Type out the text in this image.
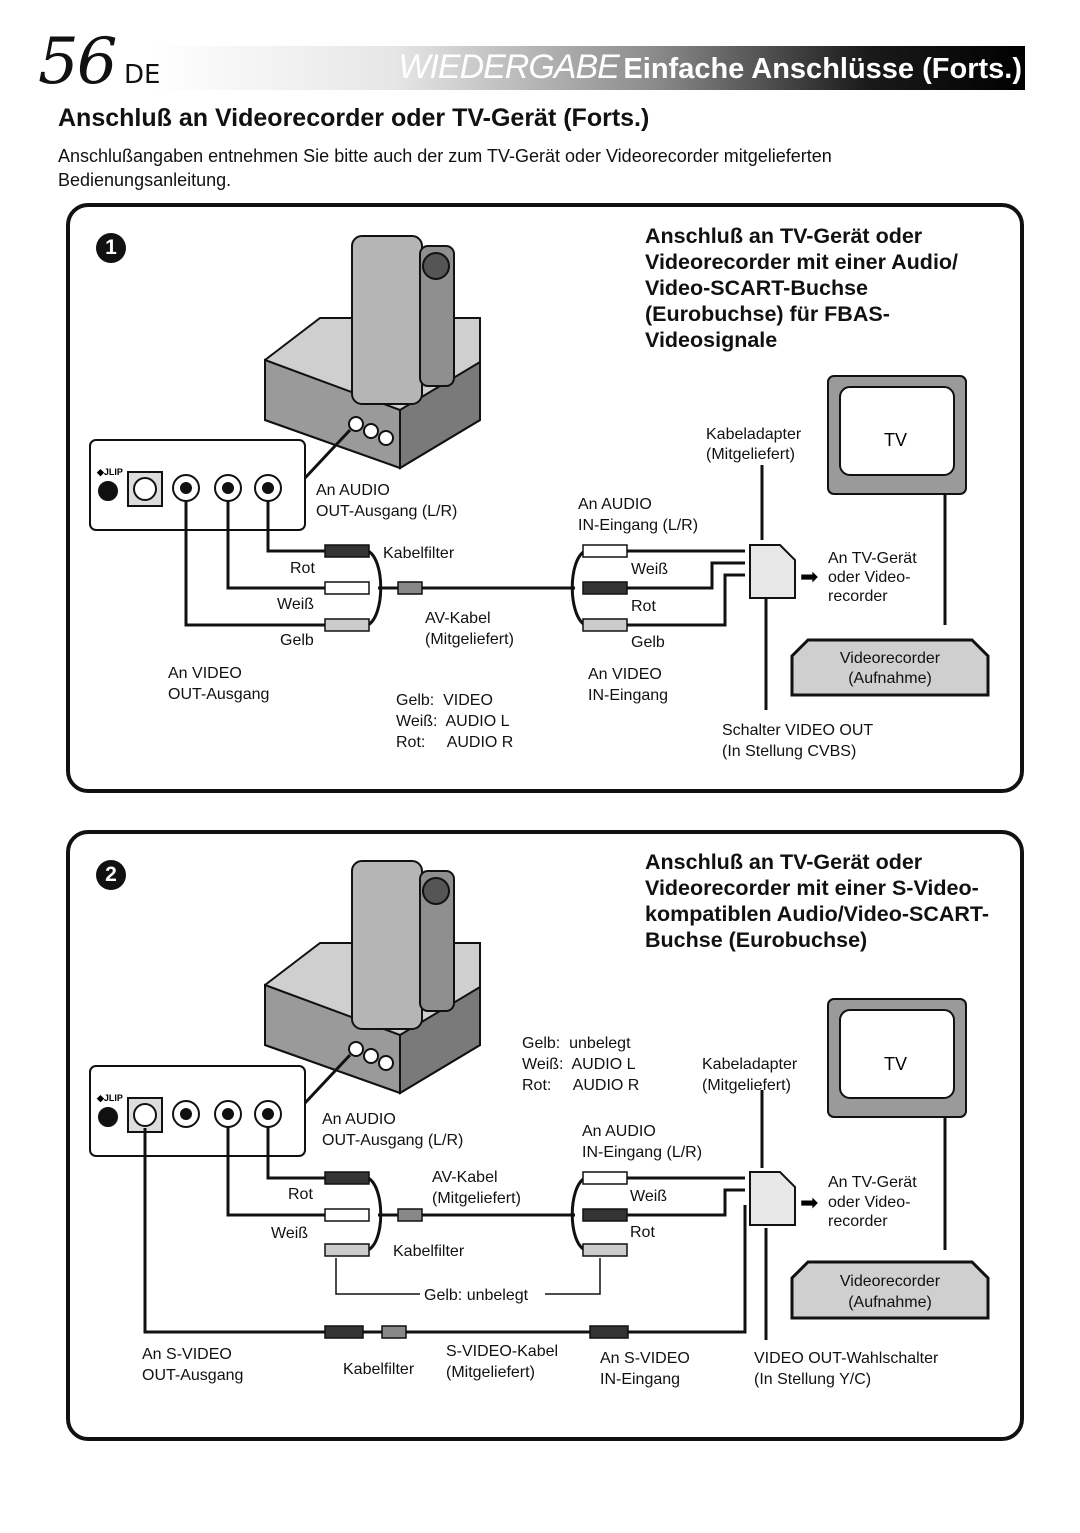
56 DE	WIEDERGABE Einfache Anschlüsse (Forts.)
Anschluß an Videorecorder oder TV-Gerät (Forts.)
Anschlußangaben entnehmen Sie bitte auch der zum TV-Gerät oder Videorecorder mitgelieferten Bedienungsanleitung.
1	Anschluß an TV-Gerät oder Videorecorder mit einer Audio/ Video-SCART-Buchse (Eurobuchse) für FBAS-Videosignale
◆JLIP
➡
TV
An AUDIO
OUT-Ausgang (L/R)	An AUDIO
IN-Eingang (L/R)
Kabeladapter
(Mitgeliefert)
Kabelfilter
Rot
Weiß
Gelb
Weiß
Rot
Gelb
AV-Kabel
(Mitgeliefert)
An VIDEO
OUT-Ausgang
An VIDEO
IN-Eingang
Gelb:  VIDEO
Weiß:  AUDIO L
Rot:     AUDIO R
An TV-Gerät
oder Video-
recorder
Videorecorder
(Aufnahme)
Schalter VIDEO OUT
(In Stellung CVBS)
2
Anschluß an TV-Gerät oder Videorecorder mit einer S-Video- kompatiblen Audio/Video-SCART- Buchse (Eurobuchse)
◆JLIP
➡
TV
Gelb:  unbelegt
Weiß:  AUDIO L
Rot:     AUDIO R
Kabeladapter
(Mitgeliefert)
An AUDIO
OUT-Ausgang (L/R)
An AUDIO
IN-Eingang (L/R)
AV-Kabel
(Mitgeliefert)
Rot
Weiß
Weiß
Rot
Kabelfilter
Gelb: unbelegt
An TV-Gerät
oder Video-
recorder
Videorecorder
(Aufnahme)
An S-VIDEO
OUT-Ausgang	Kabelfilter
S-VIDEO-Kabel
(Mitgeliefert)
An S-VIDEO
IN-Eingang
VIDEO OUT-Wahlschalter
(In Stellung Y/C)
